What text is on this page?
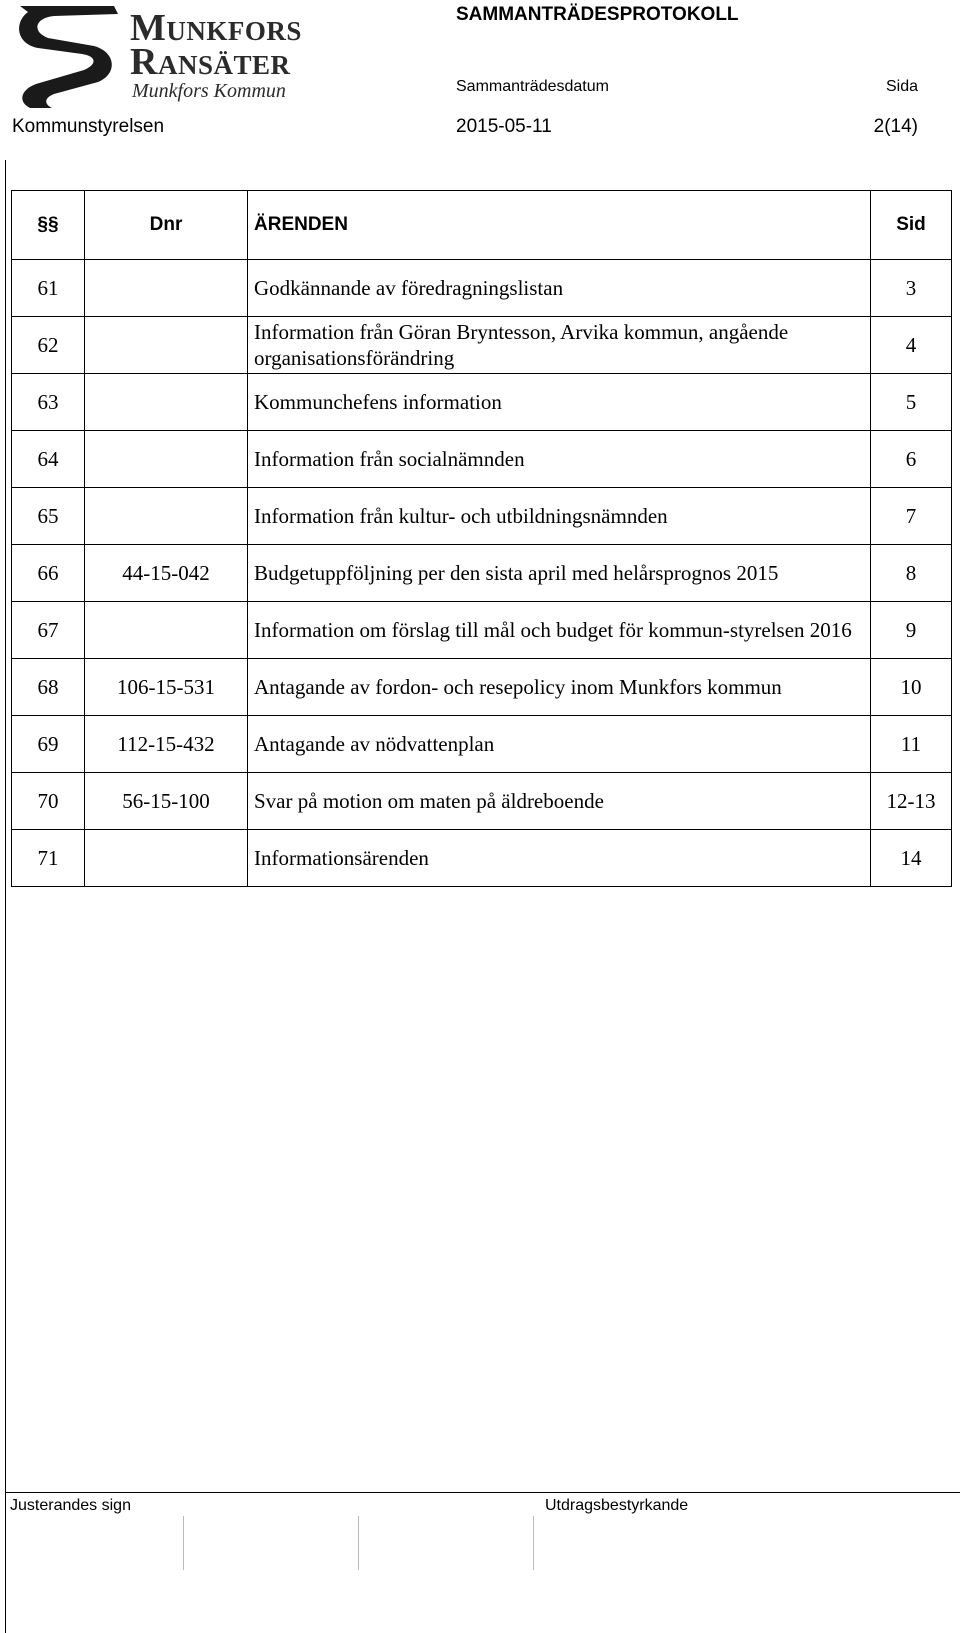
Munkfors
Ransäter
Munkfors Kommun
SAMMANTRÄDESPROTOKOLL
Sammanträdesdatum	Sida
Kommunstyrelsen	2015-05-11	2(14)
§§	Dnr	ÄRENDEN	Sid
61		Godkännande av föredragningslistan	3
62		Information från Göran Bryntesson, Arvika kommun, angående organisationsförändring	4
63		Kommunchefens information	5
64		Information från socialnämnden	6
65		Information från kultur- och utbildningsnämnden	7
66	44-15-042	Budgetuppföljning per den sista april med helårsprognos 2015	8
67		Information om förslag till mål och budget för kommun-styrelsen 2016	9
68	106-15-531	Antagande av fordon- och resepolicy inom Munkfors kommun	10
69	112-15-432	Antagande av nödvattenplan	11
70	56-15-100	Svar på motion om maten på äldreboende	12-13
71		Informationsärenden	14
Justerandes sign	Utdragsbestyrkande
